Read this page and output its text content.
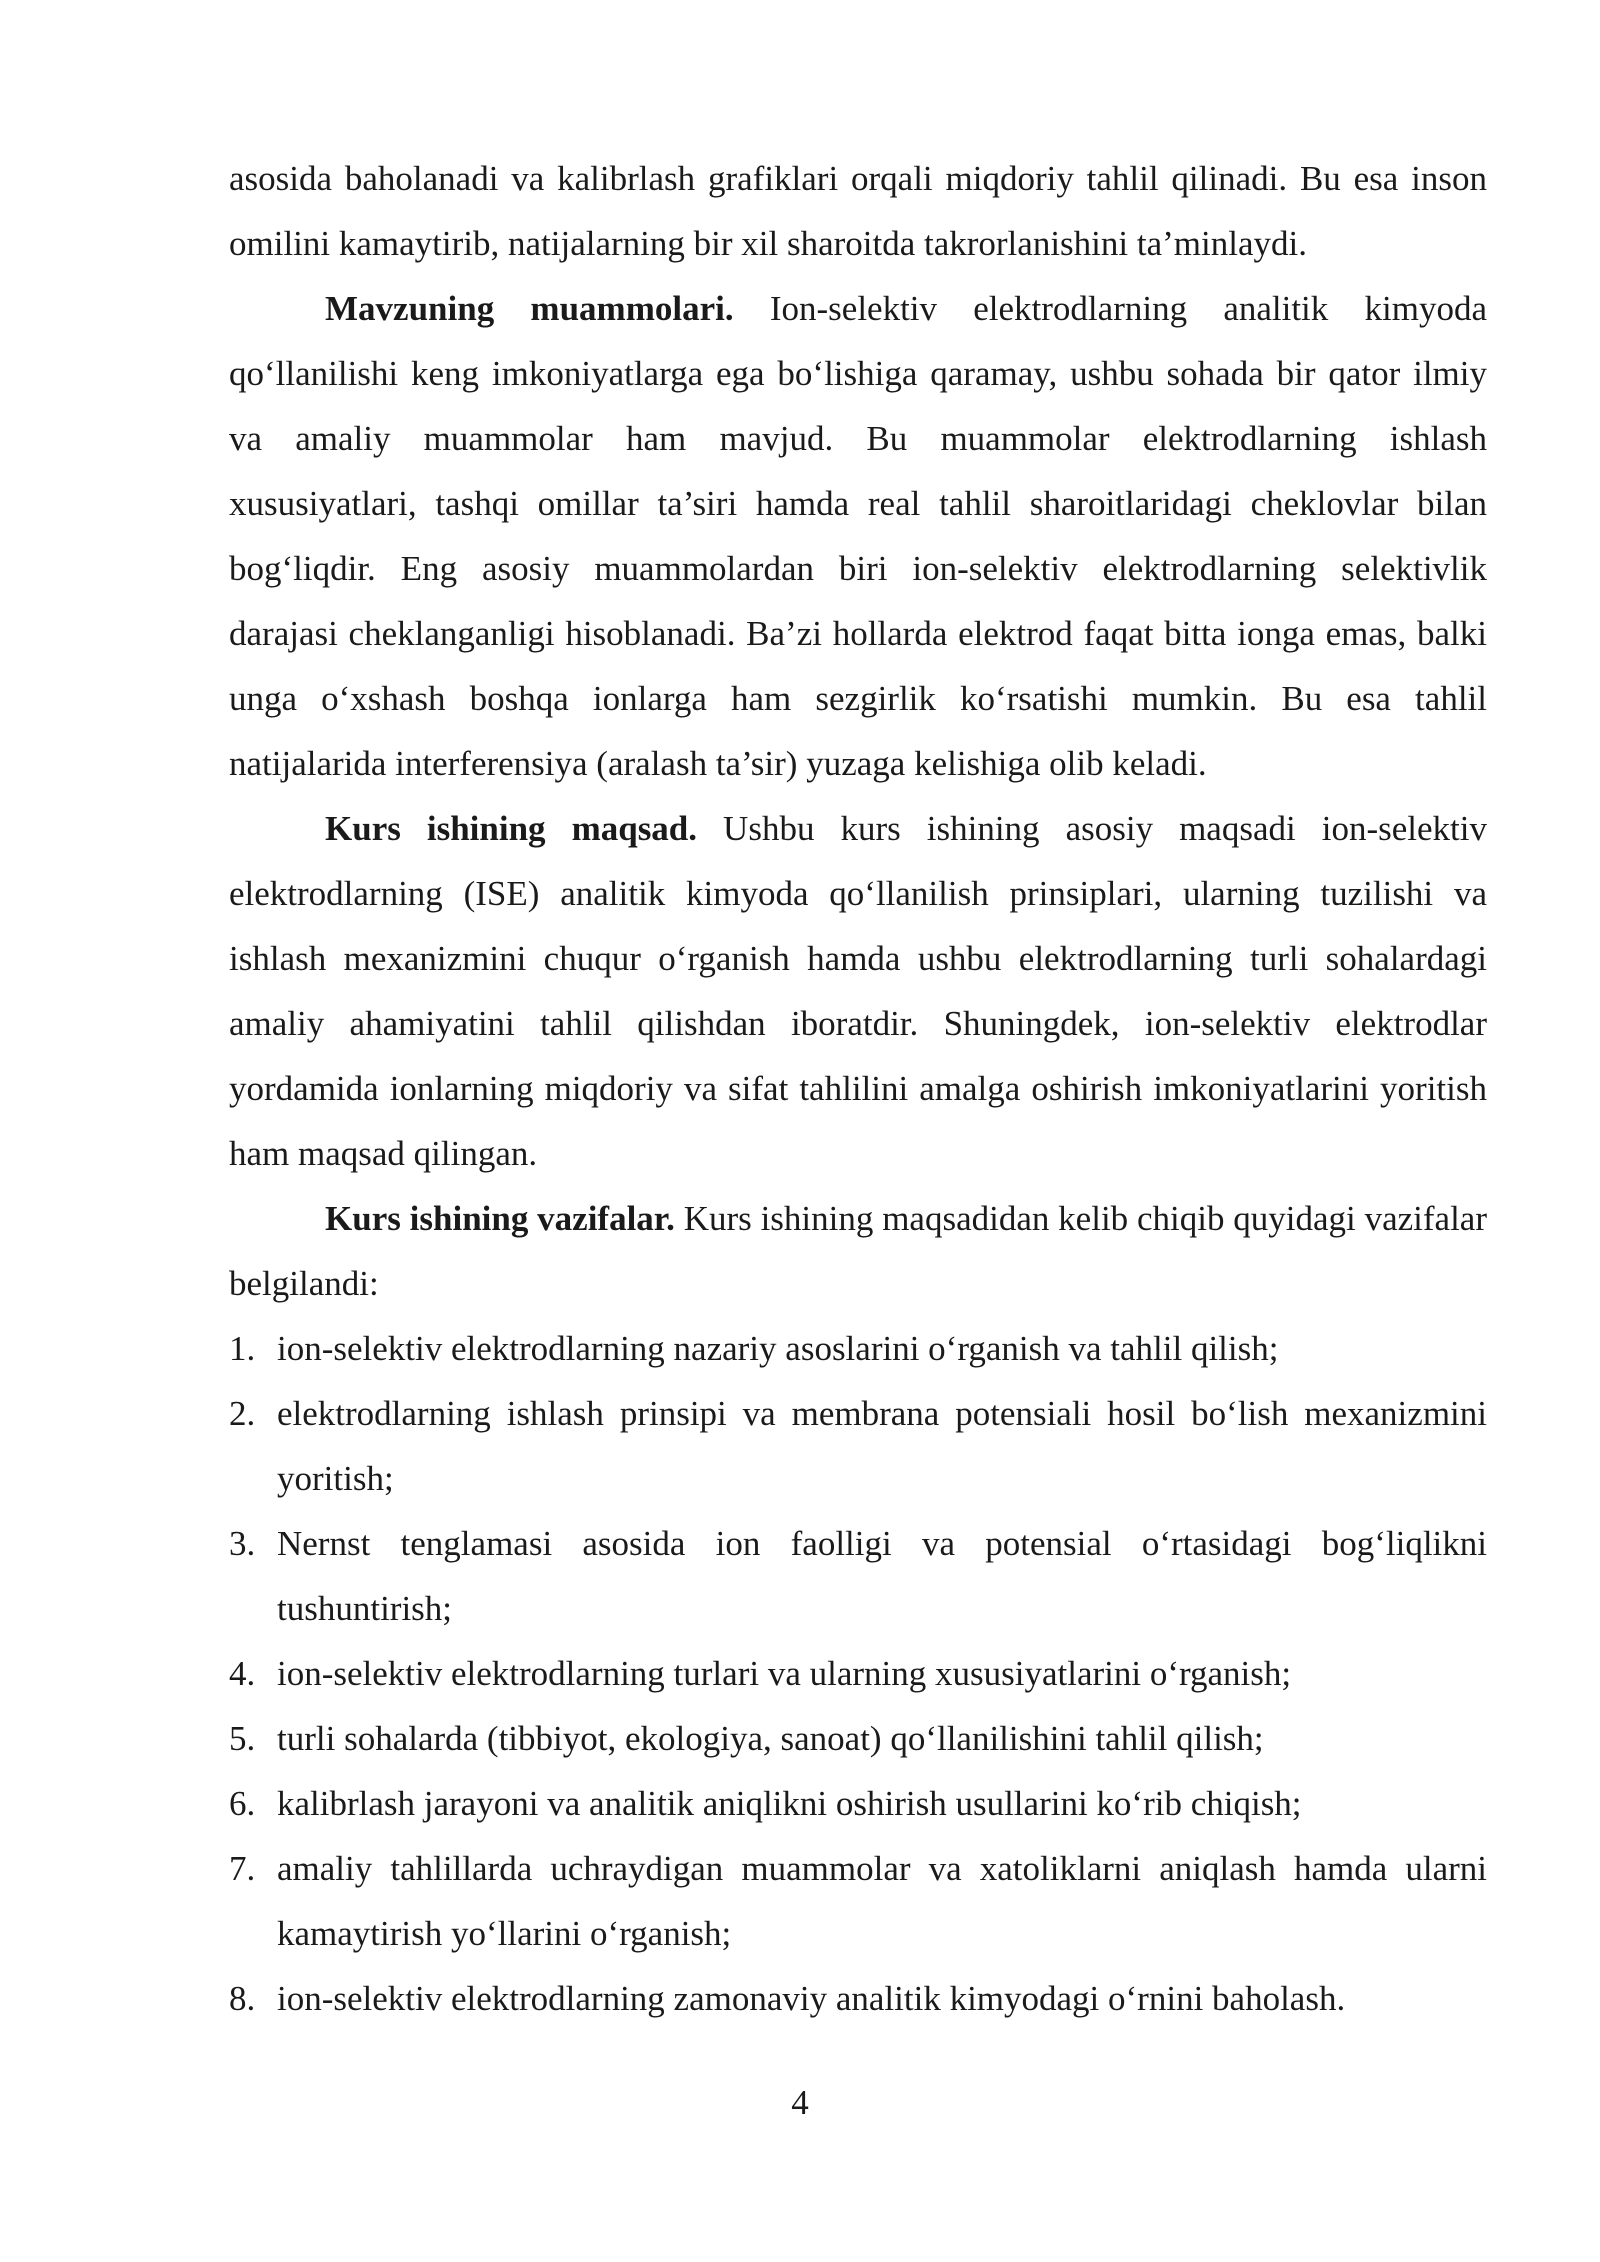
asosida baholanadi va kalibrlash grafiklari orqali miqdoriy tahlil qilinadi. Bu esa inson omilini kamaytirib, natijalarning bir xil sharoitda takrorlanishini ta’minlaydi.

Mavzuning muammolari. Ion-selektiv elektrodlarning analitik kimyoda qoʻllanilishi keng imkoniyatlarga ega boʻlishiga qaramay, ushbu sohada bir qator ilmiy va amaliy muammolar ham mavjud. Bu muammolar elektrodlarning ishlash xususiyatlari, tashqi omillar ta’siri hamda real tahlil sharoitlaridagi cheklovlar bilan bogʻliqdir. Eng asosiy muammolardan biri ion-selektiv elektrodlarning selektivlik darajasi cheklanganligi hisoblanadi. Ba’zi hollarda elektrod faqat bitta ionga emas, balki unga oʻxshash boshqa ionlarga ham sezgirlik koʻrsatishi mumkin. Bu esa tahlil natijalarida interferensiya (aralash ta’sir) yuzaga kelishiga olib keladi.

Kurs ishining maqsad. Ushbu kurs ishining asosiy maqsadi ion-selektiv elektrodlarning (ISE) analitik kimyoda qoʻllanilish prinsiplari, ularning tuzilishi va ishlash mexanizmini chuqur oʻrganish hamda ushbu elektrodlarning turli sohalardagi amaliy ahamiyatini tahlil qilishdan iboratdir. Shuningdek, ion-selektiv elektrodlar yordamida ionlarning miqdoriy va sifat tahlilini amalga oshirish imkoniyatlarini yoritish ham maqsad qilingan.

Kurs ishining vazifalar. Kurs ishining maqsadidan kelib chiqib quyidagi vazifalar belgilandi:

1. ion-selektiv elektrodlarning nazariy asoslarini oʻrganish va tahlil qilish;
2. elektrodlarning ishlash prinsipi va membrana potensiali hosil boʻlish mexanizmini yoritish;
3. Nernst tenglamasi asosida ion faolligi va potensial oʻrtasidagi bogʻliqlikni tushuntirish;
4. ion-selektiv elektrodlarning turlari va ularning xususiyatlarini oʻrganish;
5. turli sohalarda (tibbiyot, ekologiya, sanoat) qoʻllanilishini tahlil qilish;
6. kalibrlash jarayoni va analitik aniqlikni oshirish usullarini koʻrib chiqish;
7. amaliy tahlillarda uchraydigan muammolar va xatoliklarni aniqlash hamda ularni kamaytirish yoʻllarini oʻrganish;
8. ion-selektiv elektrodlarning zamonaviy analitik kimyodagi oʻrnini baholash.
4
